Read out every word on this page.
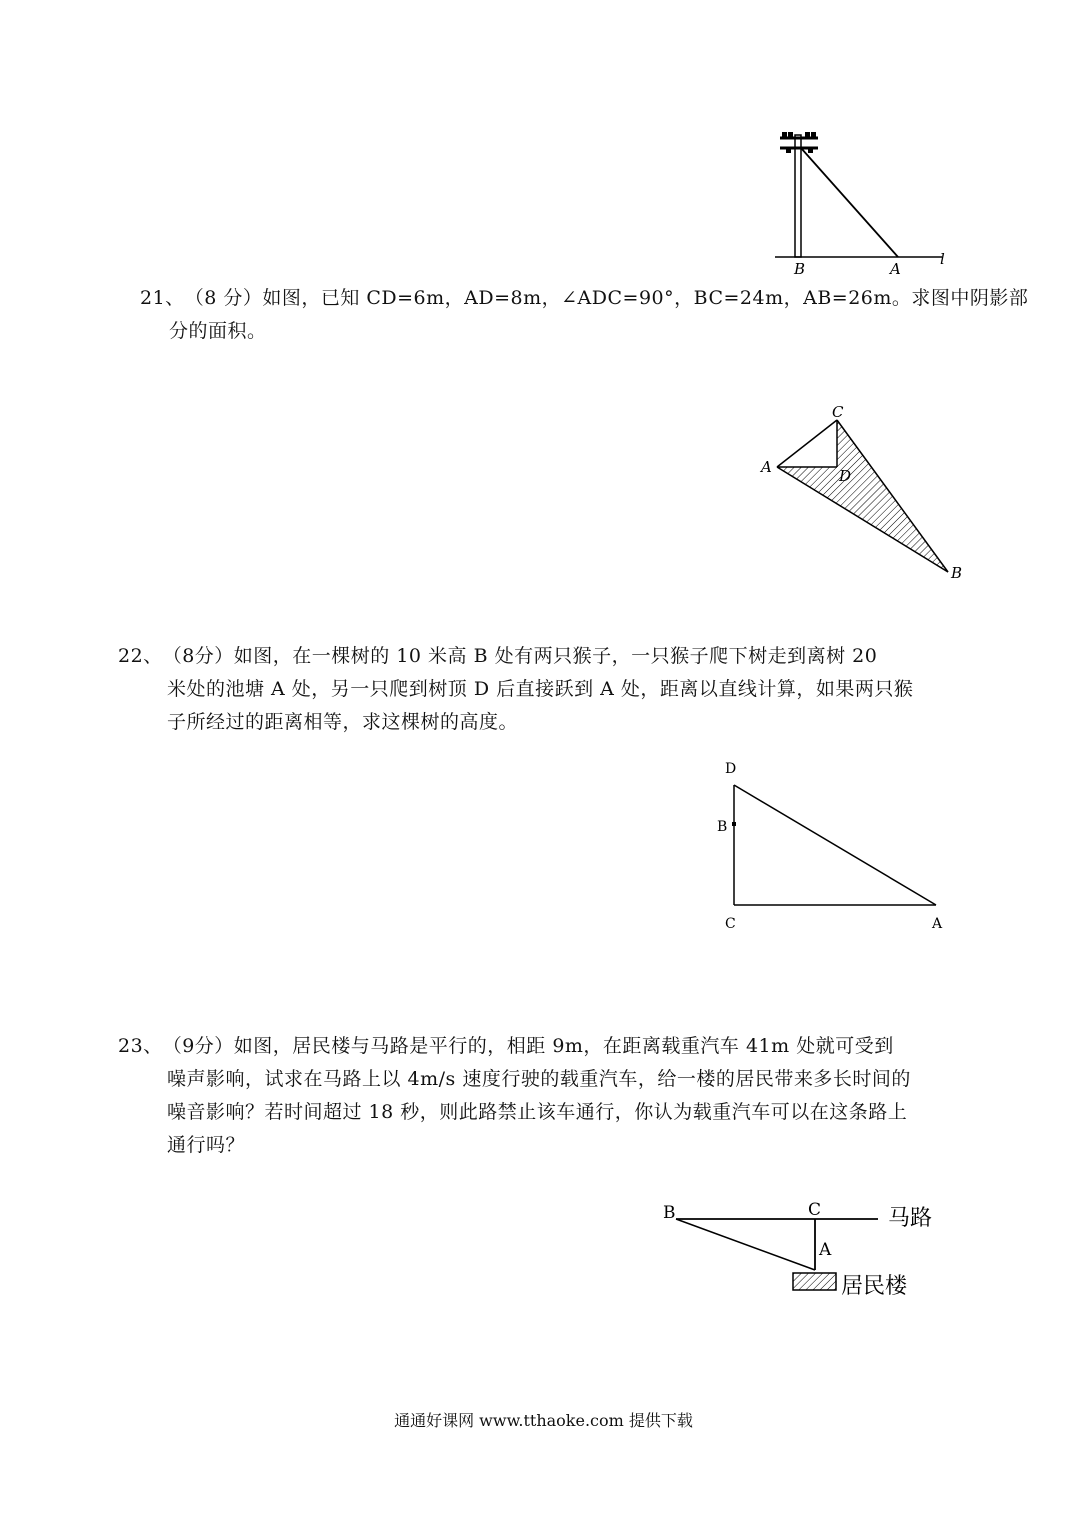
B	A
l
21、（8 分）如图，已知 CD=6m，AD=8m，∠ADC=90°，BC=24m，AB=26m。求图中阴影部
分的面积。
A
C
D
B
22、（8分）如图，在一棵树的 10 米高 B 处有两只猴子，一只猴子爬下树走到离树 20
米处的池塘 A 处，另一只爬到树顶 D 后直接跃到 A 处，距离以直线计算，如果两只猴
子所经过的距离相等，求这棵树的高度。
D
B
C	A
23、（9分）如图，居民楼与马路是平行的，相距 9m，在距离载重汽车 41m 处就可受到
噪声影响，试求在马路上以 4m/s 速度行驶的载重汽车，给一楼的居民带来多长时间的
噪音影响？若时间超过 18 秒，则此路禁止该车通行，你认为载重汽车可以在这条路上
通行吗？
B	C
A
马路
居民楼
通通好课网 www.tthaoke.com 提供下载
